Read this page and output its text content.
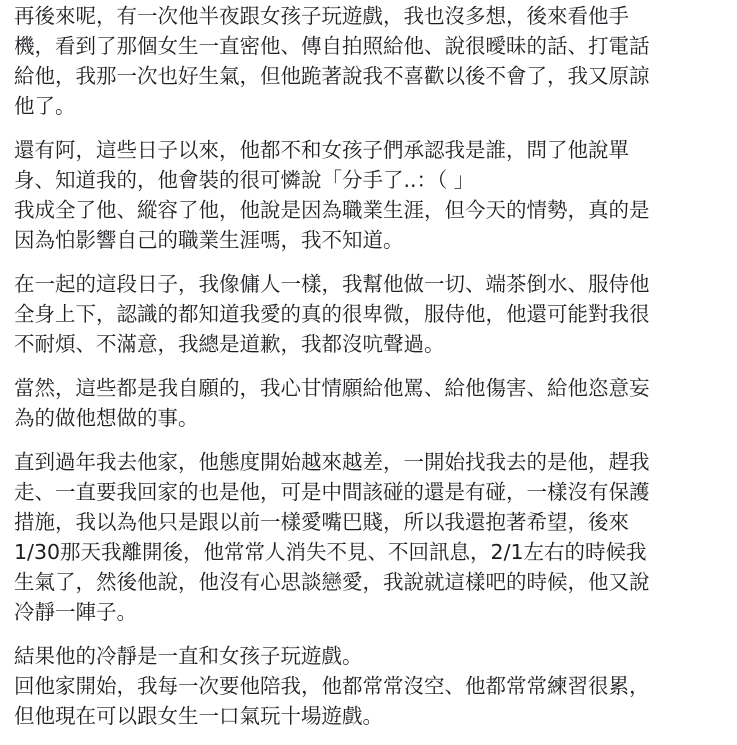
再後來呢，有一次他半夜跟女孩子玩遊戲，我也沒多想，後來看他手
機，看到了那個女生一直密他、傳自拍照給他、說很曖昧的話、打電話
給他，我那一次也好生氣，但他跪著說我不喜歡以後不會了，我又原諒
他了。

還有阿，這些日子以來，他都不和女孩子們承認我是誰，問了他說單
身、知道我的，他會裝的很可憐說「分手了..：（ 」
我成全了他、縱容了他，他說是因為職業生涯，但今天的情勢，真的是
因為怕影響自己的職業生涯嗎，我不知道。

在一起的這段日子，我像傭人一樣，我幫他做一切、端茶倒水、服侍他
全身上下，認識的都知道我愛的真的很卑微，服侍他，他還可能對我很
不耐煩、不滿意，我總是道歉，我都沒吭聲過。

當然，這些都是我自願的，我心甘情願給他罵、給他傷害、給他恣意妄
為的做他想做的事。

直到過年我去他家，他態度開始越來越差，一開始找我去的是他，趕我
走、一直要我回家的也是他，可是中間該碰的還是有碰，一樣沒有保護
措施，我以為他只是跟以前一樣愛嘴巴賤，所以我還抱著希望，後來
1/30那天我離開後，他常常人消失不見、不回訊息，2/1左右的時候我
生氣了，然後他說，他沒有心思談戀愛，我說就這樣吧的時候，他又說
冷靜一陣子。

結果他的冷靜是一直和女孩子玩遊戲。
回他家開始，我每一次要他陪我，他都常常沒空、他都常常練習很累，
但他現在可以跟女生一口氣玩十場遊戲。
